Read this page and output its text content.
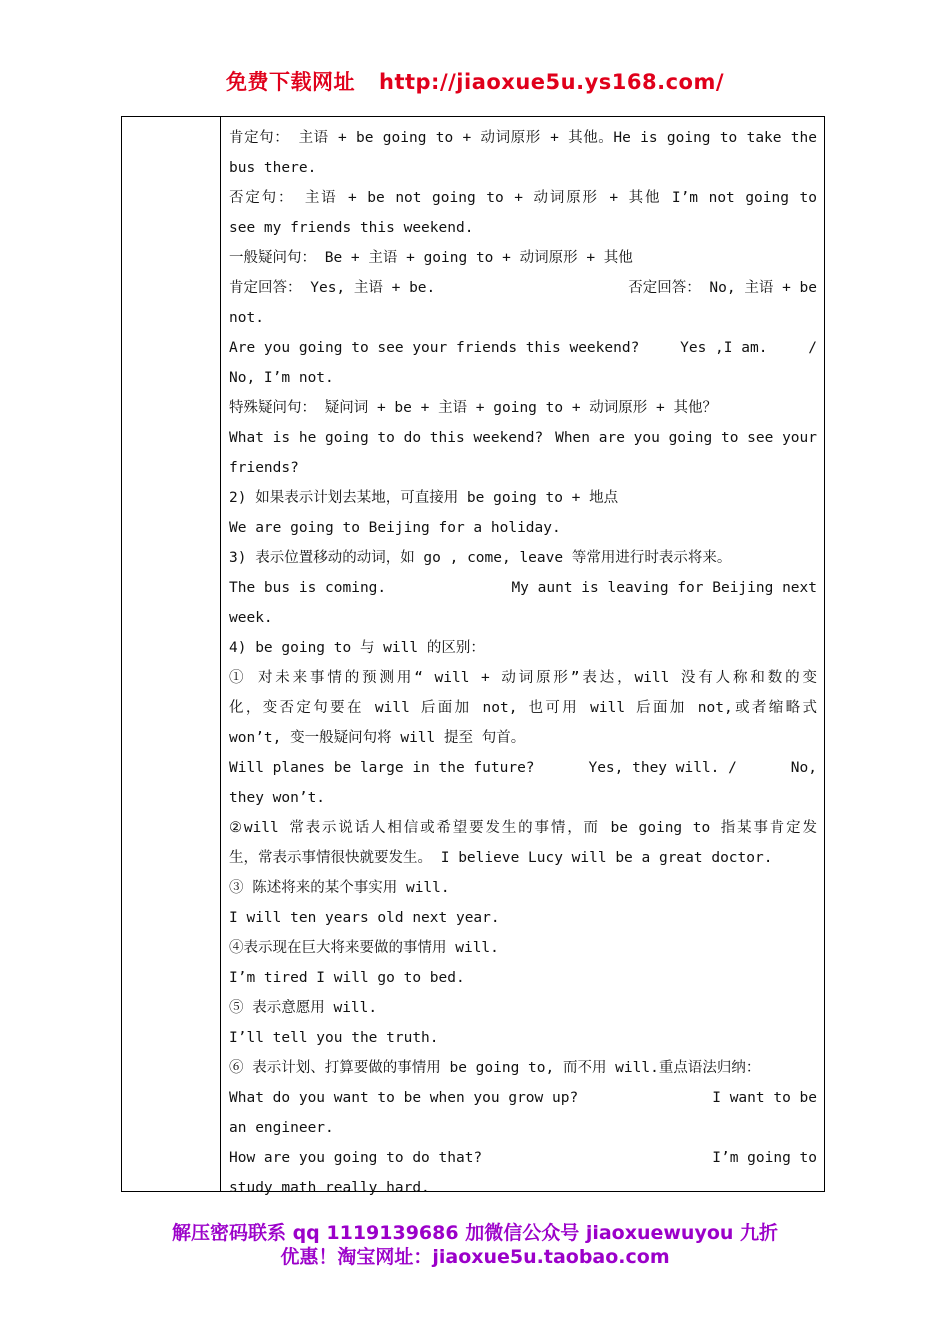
免费下载网址 http://jiaoxue5u.ys168.com/
肯定句： 主语 + be going to + 动词原形 + 其他。He is going to take the
bus there.
否定句： 主语 + be not going to + 动词原形 + 其他 I’m not going to
see my friends this weekend.
一般疑问句： Be + 主语 + going to + 动词原形 + 其他
肯定回答： Yes, 主语 + be.	否定回答： No, 主语 + be
not.
Are you going to see your friends this weekend?	Yes ,I am.	/
No, I’m not.
特殊疑问句： 疑问词 + be + 主语 + going to + 动词原形 + 其他？
What is he going to do this weekend? When are you going to see your
friends?
2) 如果表示计划去某地，可直接用 be going to + 地点
We are going to Beijing for a holiday.
3) 表示位置移动的动词，如 go , come, leave 等常用进行时表示将来。
The bus is coming.	My aunt is leaving for Beijing next
week.
4) be going to 与 will 的区别：
① 对未来事情的预测用“ will + 动词原形”表达，will 没有人称和数的变
化，变否定句要在 will 后面加 not, 也可用 will 后面加 not,或者缩略式
won’t, 变一般疑问句将 will 提至 句首。
Will planes be large in the future?	Yes, they will. /	No,
they won’t.
②will 常表示说话人相信或希望要发生的事情，而 be going to 指某事肯定发
生，常表示事情很快就要发生。 I believe Lucy will be a great doctor.
③ 陈述将来的某个事实用 will.
I will ten years old next year.
④表示现在巨大将来要做的事情用 will.
I’m tired I will go to bed.
⑤ 表示意愿用 will.
I’ll tell you the truth.
⑥ 表示计划、打算要做的事情用 be going to, 而不用 will.重点语法归纳：
What do you want to be when you grow up?	I want to be
an engineer.
How are you going to do that?	I’m going to
study math really hard.
解压密码联系 qq 1119139686 加微信公众号 jiaoxuewuyou 九折
优惠！淘宝网址：jiaoxue5u.taobao.com
